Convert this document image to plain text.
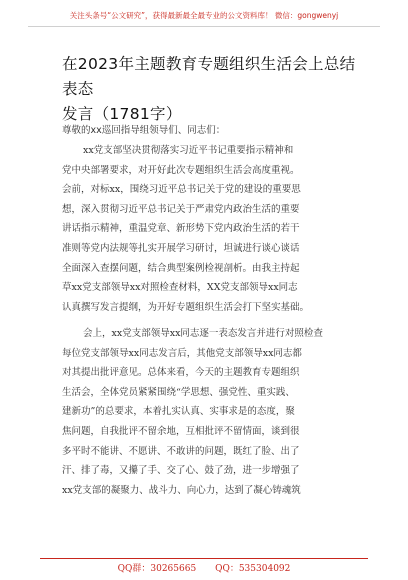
关注头条号“公文研究”，获得最新最全最专业的公文资料库！ 微信：gongwenyj
在2023年主题教育专题组织生活会上总结表态
发言（1781字）
尊敬的xx巡回指导组领导们、同志们：
xx党支部坚决贯彻落实习近平书记重要指示精神和
党中央部署要求，对开好此次专题组织生活会高度重视。
会前，对标xx，围绕习近平总书记关于党的建设的重要思
想，深入贯彻习近平总书记关于严肃党内政治生活的重要
讲话指示精神，重温党章、新形势下党内政治生活的若干
准则等党内法规等扎实开展学习研讨，坦诚进行谈心谈话
全面深入查摆问题，结合典型案例检视剖析。由我主持起
草xx党支部领导xx对照检查材料，XX党支部领导xx同志
认真撰写发言提纲，为开好专题组织生活会打下坚实基础。
会上，xx党支部领导xx同志逐一表态发言并进行对照检查
每位党支部领导xx同志发言后，其他党支部领导xx同志都
对其提出批评意见。总体来看，今天的主题教育专题组织
生活会，全体党员紧紧围绕“学思想、强党性、重实践、
建新功”的总要求，本着扎实认真、实事求是的态度，聚
焦问题，自我批评不留余地，互相批评不留情面，谈到很
多平时不能讲、不愿讲、不敢讲的问题，既红了脸、出了
汗、排了毒，又攥了手、交了心、鼓了劲，进一步增强了
xx党支部的凝聚力、战斗力、向心力，达到了凝心铸魂筑
QQ群：30265665 QQ：535304092
